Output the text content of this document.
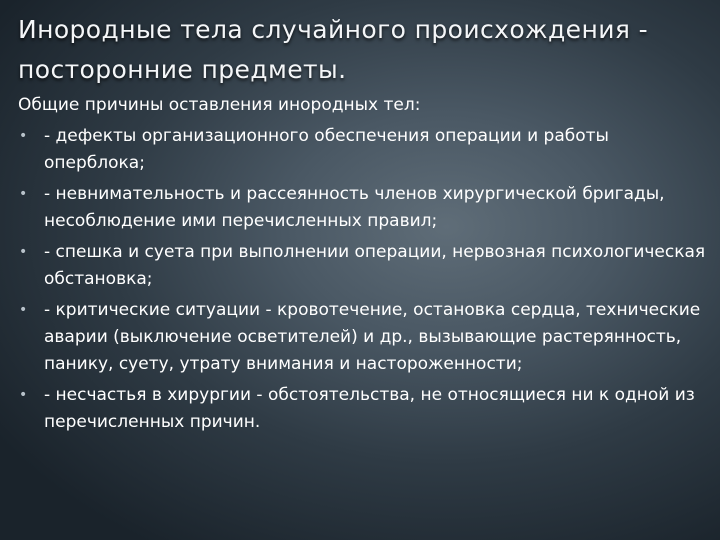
Инородные тела случайного происхождения - посторонние предметы.

Общие причины оставления инородных тел:

• - дефекты организационного обеспечения операции и работы оперблока;
• - невнимательность и рассеянность членов хирургической бригады, несоблюдение ими перечисленных правил;
• - спешка и суета при выполнении операции, нервозная психологическая обстановка;
• - критические ситуации - кровотечение, остановка сердца, технические аварии (выключение осветителей) и др., вызывающие растерянность, панику, суету, утрату внимания и настороженности;
• - несчастья в хирургии - обстоятельства, не относящиеся ни к одной из перечисленных причин.
